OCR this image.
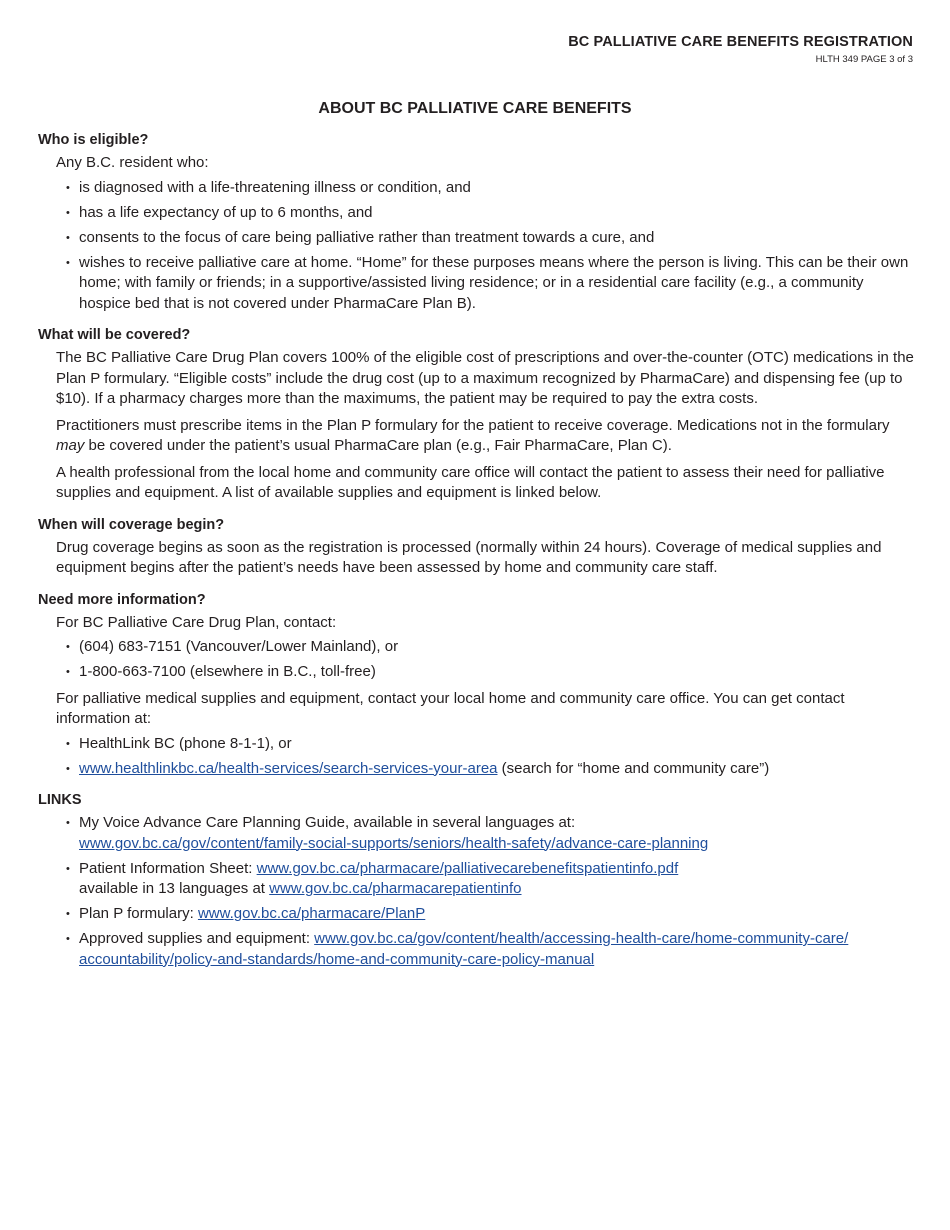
BC PALLIATIVE CARE BENEFITS REGISTRATION
HLTH 349 PAGE 3 of 3
ABOUT BC PALLIATIVE CARE BENEFITS
Who is eligible?

Any B.C. resident who:

• is diagnosed with a life-threatening illness or condition, and
• has a life expectancy of up to 6 months, and
• consents to the focus of care being palliative rather than treatment towards a cure, and
• wishes to receive palliative care at home. “Home” for these purposes means where the person is living. This can be their own home; with family or friends; in a supportive/assisted living residence; or in a residential care facility (e.g., a community hospice bed that is not covered under PharmaCare Plan B).
What will be covered?

The BC Palliative Care Drug Plan covers 100% of the eligible cost of prescriptions and over-the-counter (OTC) medications in the Plan P formulary. “Eligible costs” include the drug cost (up to a maximum recognized by PharmaCare) and dispensing fee (up to $10). If a pharmacy charges more than the maximums, the patient may be required to pay the extra costs.

Practitioners must prescribe items in the Plan P formulary for the patient to receive coverage. Medications not in the formulary may be covered under the patient’s usual PharmaCare plan (e.g., Fair PharmaCare, Plan C).

A health professional from the local home and community care office will contact the patient to assess their need for palliative supplies and equipment. A list of available supplies and equipment is linked below.

When will coverage begin?

Drug coverage begins as soon as the registration is processed (normally within 24 hours). Coverage of medical supplies and equipment begins after the patient’s needs have been assessed by home and community care staff.

Need more information?

For BC Palliative Care Drug Plan, contact:

• (604) 683-7151 (Vancouver/Lower Mainland), or
• 1-800-663-7100 (elsewhere in B.C., toll-free)

For palliative medical supplies and equipment, contact your local home and community care office. You can get contact information at:

• HealthLink BC (phone 8-1-1), or
• www.healthlinkbc.ca/health-services/search-services-your-area (search for “home and community care”)
LINKS
• My Voice Advance Care Planning Guide, available in several languages at:
www.gov.bc.ca/gov/content/family-social-supports/seniors/health-safety/advance-care-planning
• Patient Information Sheet: www.gov.bc.ca/pharmacare/palliativecarebenefitspatientinfo.pdf
available in 13 languages at www.gov.bc.ca/pharmacarepatientinfo
• Plan P formulary: www.gov.bc.ca/pharmacare/PlanP
• Approved supplies and equipment: www.gov.bc.ca/gov/content/health/accessing-health-care/home-community-care/
accountability/policy-and-standards/home-and-community-care-policy-manual
